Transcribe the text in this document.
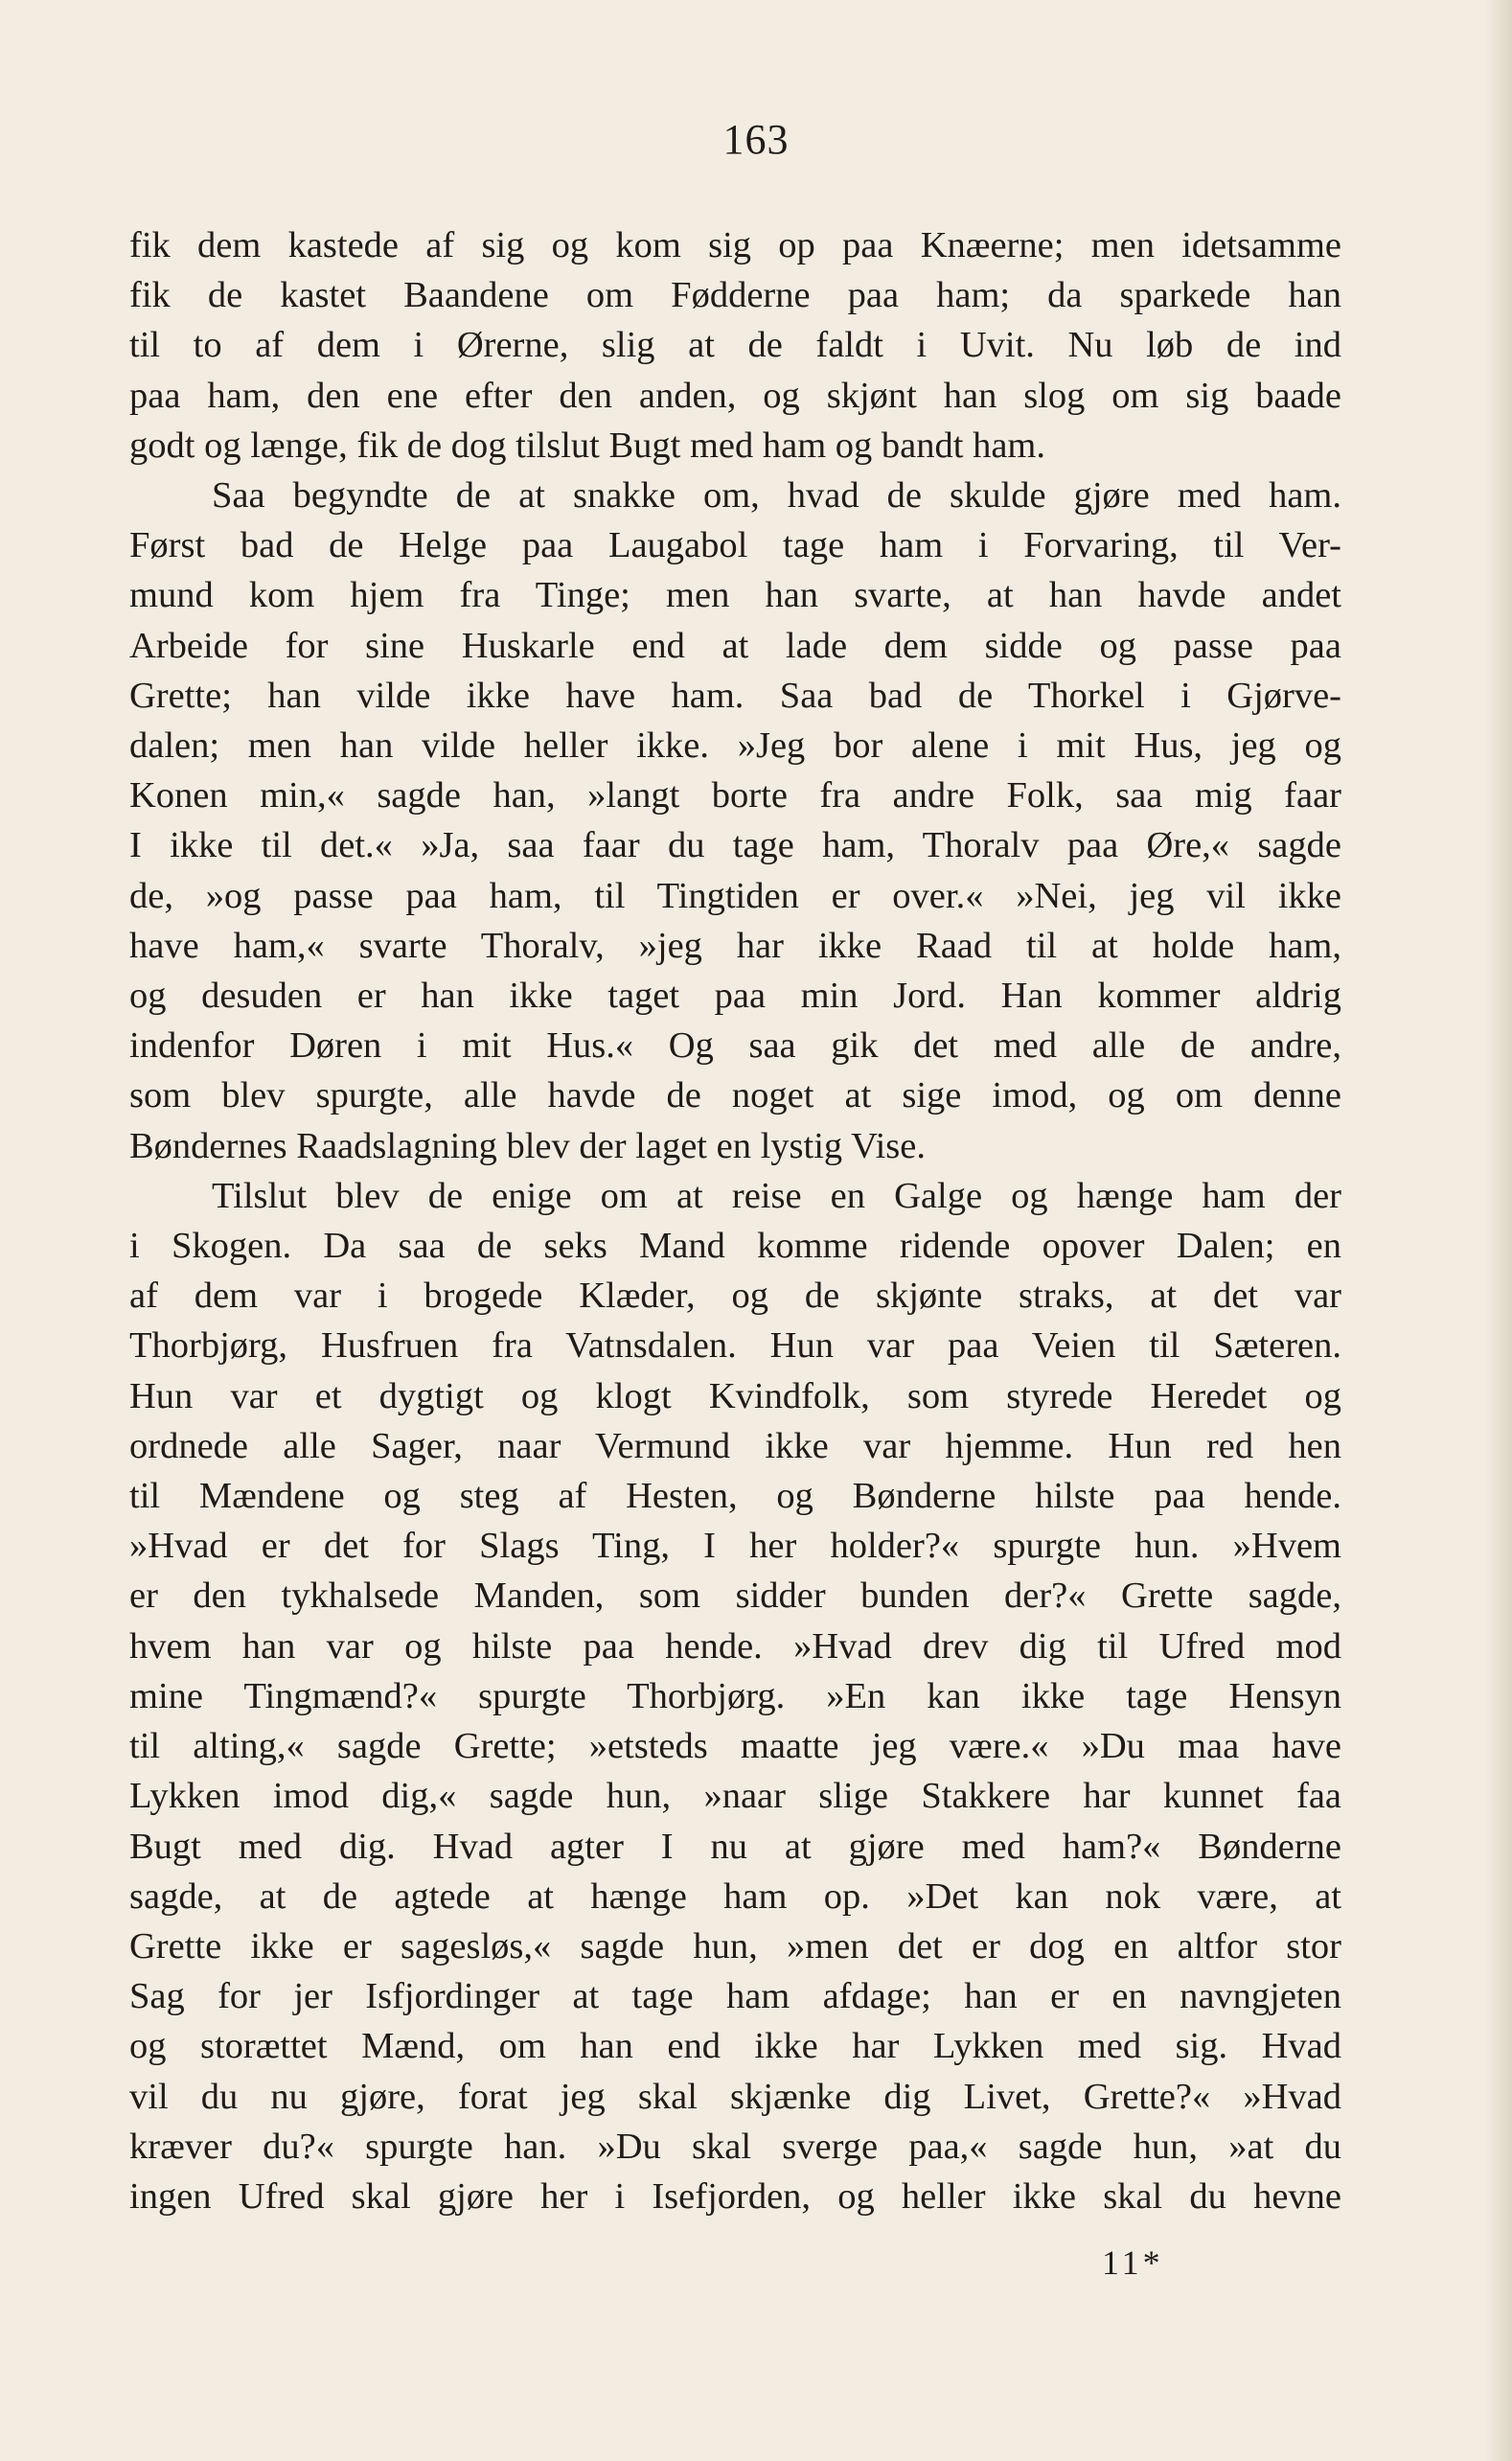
163

fik dem kastede af sig og kom sig op paa Knæerne; men idetsamme

fik de kastet Baandene om Fødderne paa ham; da sparkede han

til to af dem i Ørerne, slig at de faldt i Uvit. Nu løb de ind

paa ham, den ene efter den anden, og skjønt han slog om sig baade

godt og længe, fik de dog tilslut Bugt med ham og bandt ham.

Saa begyndte de at snakke om, hvad de skulde gjøre med ham.

Først bad de Helge paa Laugabol tage ham i Forvaring, til Ver-

mund kom hjem fra Tinge; men han svarte, at han havde andet

Arbeide for sine Huskarle end at lade dem sidde og passe paa

Grette; han vilde ikke have ham. Saa bad de Thorkel i Gjørve-

dalen; men han vilde heller ikke. »Jeg bor alene i mit Hus, jeg og

Konen min,« sagde han, »langt borte fra andre Folk, saa mig faar

I ikke til det.« »Ja, saa faar du tage ham, Thoralv paa Øre,« sagde

de, »og passe paa ham, til Tingtiden er over.« »Nei, jeg vil ikke

have ham,« svarte Thoralv, »jeg har ikke Raad til at holde ham,

og desuden er han ikke taget paa min Jord. Han kommer aldrig

indenfor Døren i mit Hus.« Og saa gik det med alle de andre,

som blev spurgte, alle havde de noget at sige imod, og om denne

Bøndernes Raadslagning blev der laget en lystig Vise.

Tilslut blev de enige om at reise en Galge og hænge ham der

i Skogen. Da saa de seks Mand komme ridende opover Dalen; en

af dem var i brogede Klæder, og de skjønte straks, at det var

Thorbjørg, Husfruen fra Vatnsdalen. Hun var paa Veien til Sæteren.

Hun var et dygtigt og klogt Kvindfolk, som styrede Heredet og

ordnede alle Sager, naar Vermund ikke var hjemme. Hun red hen

til Mændene og steg af Hesten, og Bønderne hilste paa hende.

»Hvad er det for Slags Ting, I her holder?« spurgte hun. »Hvem

er den tykhalsede Manden, som sidder bunden der?« Grette sagde,

hvem han var og hilste paa hende. »Hvad drev dig til Ufred mod

mine Tingmænd?« spurgte Thorbjørg. »En kan ikke tage Hensyn

til alting,« sagde Grette; »etsteds maatte jeg være.« »Du maa have

Lykken imod dig,« sagde hun, »naar slige Stakkere har kunnet faa

Bugt med dig. Hvad agter I nu at gjøre med ham?« Bønderne

sagde, at de agtede at hænge ham op. »Det kan nok være, at

Grette ikke er sagesløs,« sagde hun, »men det er dog en altfor stor

Sag for jer Isfjordinger at tage ham afdage; han er en navngjeten

og storættet Mænd, om han end ikke har Lykken med sig. Hvad

vil du nu gjøre, forat jeg skal skjænke dig Livet, Grette?« »Hvad

kræver du?« spurgte han. »Du skal sverge paa,« sagde hun, »at du

ingen Ufred skal gjøre her i Isefjorden, og heller ikke skal du hevne

11*
